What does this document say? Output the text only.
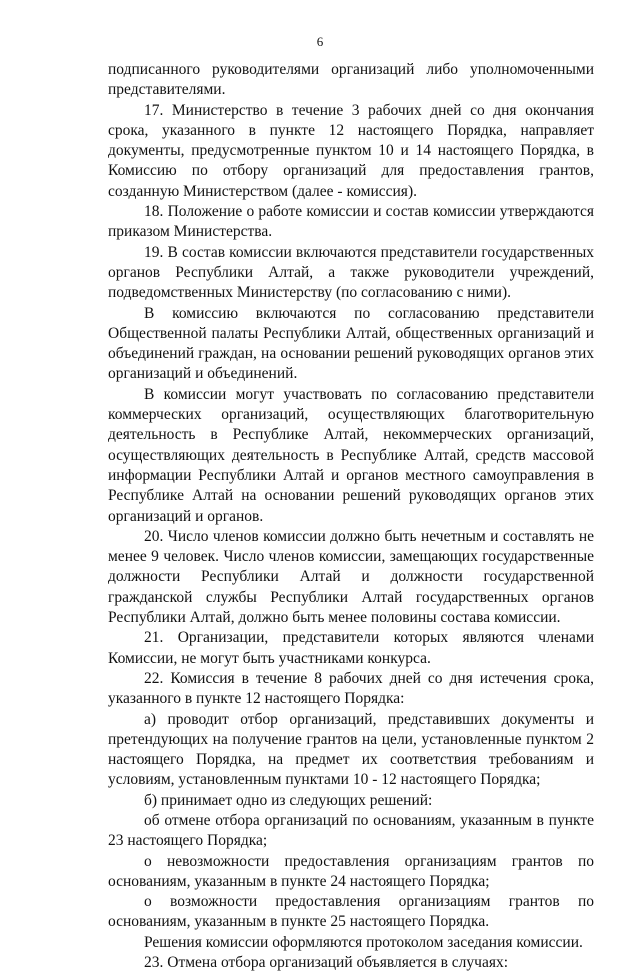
6

подписанного руководителями организаций либо уполномоченными представителями.

17. Министерство в течение 3 рабочих дней со дня окончания срока, указанного в пункте 12 настоящего Порядка, направляет документы, предусмотренные пунктом 10 и 14 настоящего Порядка, в Комиссию по отбору организаций для предоставления грантов, созданную Министерством (далее - комиссия).

18. Положение о работе комиссии и состав комиссии утверждаются приказом Министерства.

19. В состав комиссии включаются представители государственных органов Республики Алтай, а также руководители учреждений, подведомственных Министерству (по согласованию с ними).

В комиссию включаются по согласованию представители Общественной палаты Республики Алтай, общественных организаций и объединений граждан, на основании решений руководящих органов этих организаций и объединений.

В комиссии могут участвовать по согласованию представители коммерческих организаций, осуществляющих благотворительную деятельность в Республике Алтай, некоммерческих организаций, осуществляющих деятельность в Республике Алтай, средств массовой информации Республики Алтай и органов местного самоуправления в Республике Алтай на основании решений руководящих органов этих организаций и органов.

20. Число членов комиссии должно быть нечетным и составлять не менее 9 человек. Число членов комиссии, замещающих государственные должности Республики Алтай и должности государственной гражданской службы Республики Алтай государственных органов Республики Алтай, должно быть менее половины состава комиссии.

21. Организации, представители которых являются членами Комиссии, не могут быть участниками конкурса.

22. Комиссия в течение 8 рабочих дней со дня истечения срока, указанного в пункте 12 настоящего Порядка:

а) проводит отбор организаций, представивших документы и претендующих на получение грантов на цели, установленные пунктом 2 настоящего Порядка, на предмет их соответствия требованиям и условиям, установленным пунктами 10 - 12 настоящего Порядка;

б) принимает одно из следующих решений:

об отмене отбора организаций по основаниям, указанным в пункте 23 настоящего Порядка;

о невозможности предоставления организациям грантов по основаниям, указанным в пункте 24 настоящего Порядка;

о возможности предоставления организациям грантов по основаниям, указанным в пункте 25 настоящего Порядка.

Решения комиссии оформляются протоколом заседания комиссии.

23. Отмена отбора организаций объявляется в случаях:
